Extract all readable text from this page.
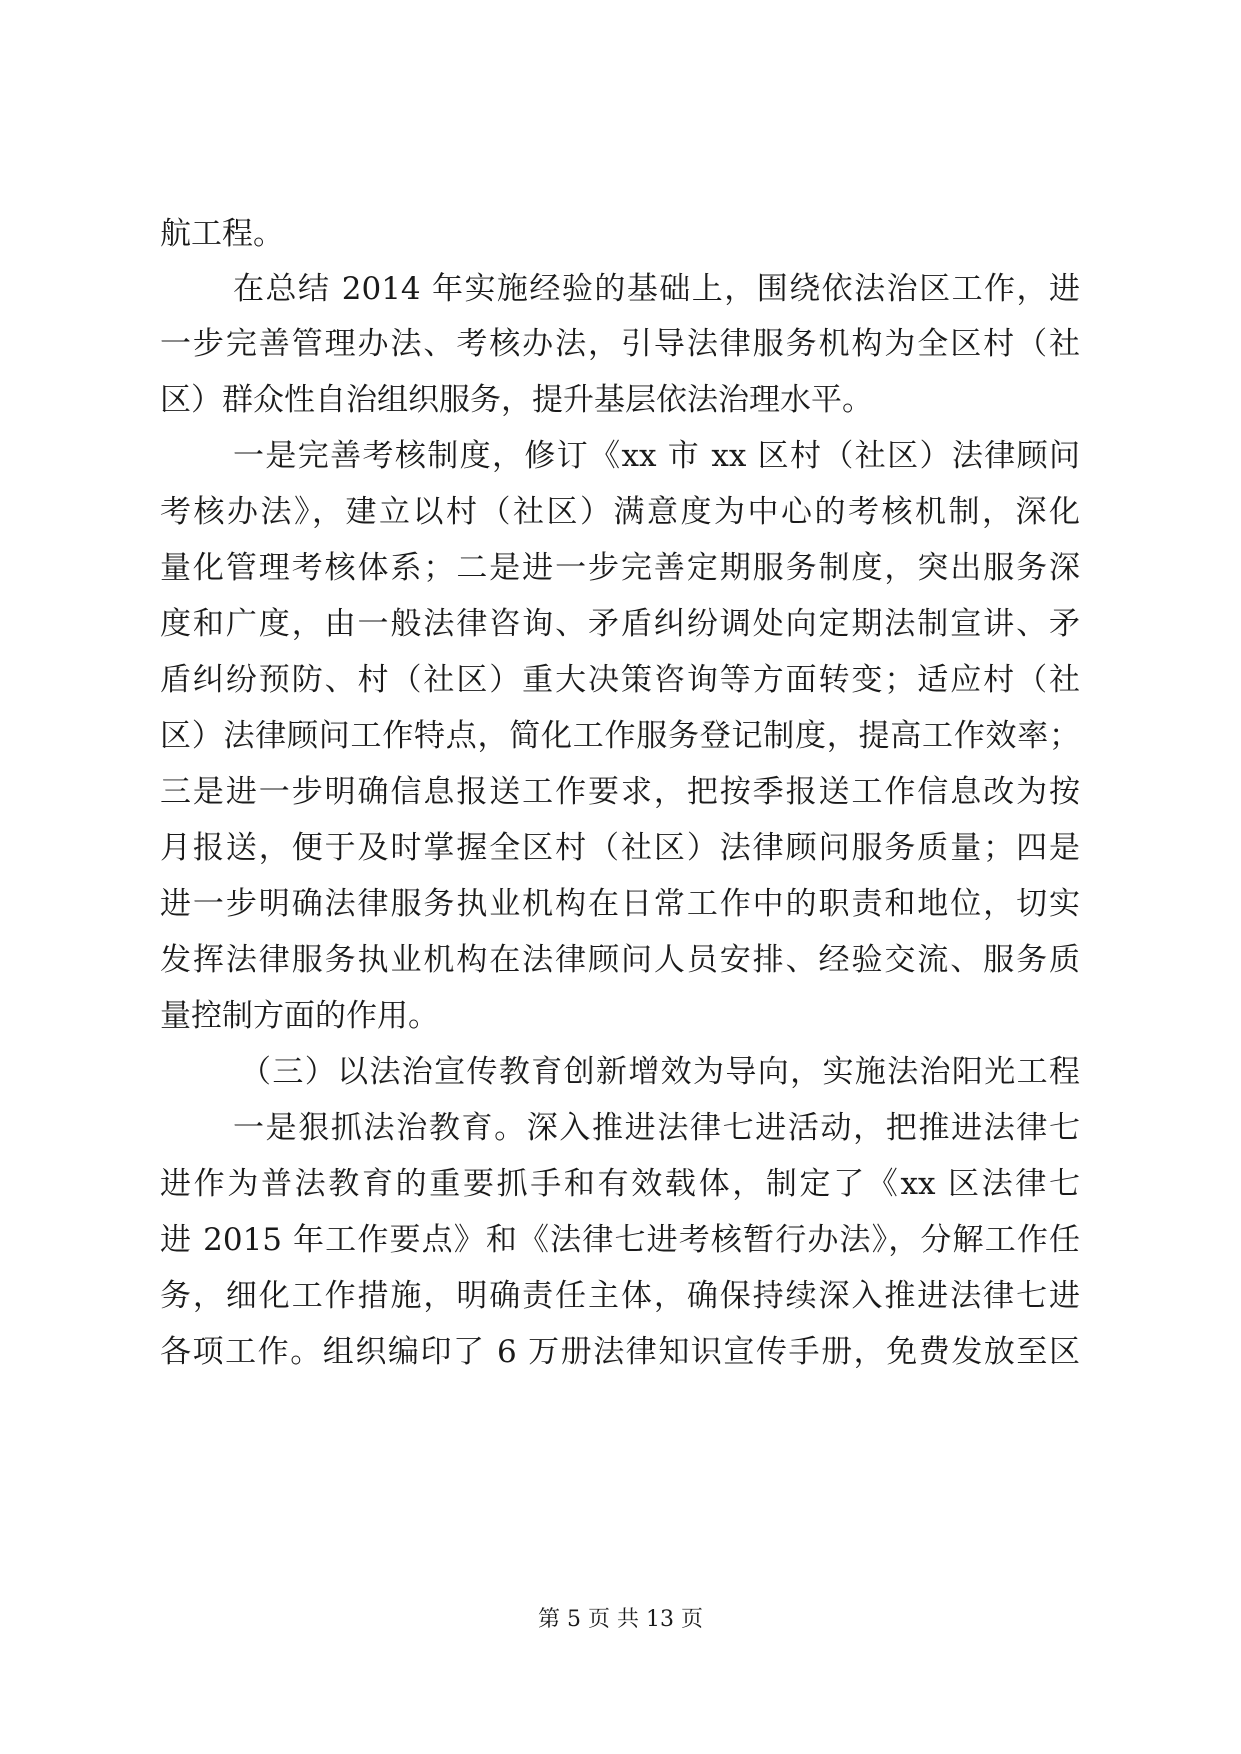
航工程。
在总结 2014 年实施经验的基础上，围绕依法治区工作，进
一步完善管理办法、考核办法，引导法律服务机构为全区村（社
区）群众性自治组织服务，提升基层依法治理水平。
一是完善考核制度，修订《xx 市 xx 区村（社区）法律顾问
考核办法》，建立以村（社区）满意度为中心的考核机制，深化
量化管理考核体系；二是进一步完善定期服务制度，突出服务深
度和广度，由一般法律咨询、矛盾纠纷调处向定期法制宣讲、矛
盾纠纷预防、村（社区）重大决策咨询等方面转变；适应村（社
区）法律顾问工作特点，简化工作服务登记制度，提高工作效率；
三是进一步明确信息报送工作要求，把按季报送工作信息改为按
月报送，便于及时掌握全区村（社区）法律顾问服务质量；四是
进一步明确法律服务执业机构在日常工作中的职责和地位，切实
发挥法律服务执业机构在法律顾问人员安排、经验交流、服务质
量控制方面的作用。
（三）以法治宣传教育创新增效为导向，实施法治阳光工程
一是狠抓法治教育。深入推进法律七进活动，把推进法律七
进作为普法教育的重要抓手和有效载体，制定了《xx 区法律七
进 2015 年工作要点》和《法律七进考核暂行办法》，分解工作任
务，细化工作措施，明确责任主体，确保持续深入推进法律七进
各项工作。组织编印了 6 万册法律知识宣传手册，免费发放至区
第 5 页 共 13 页
